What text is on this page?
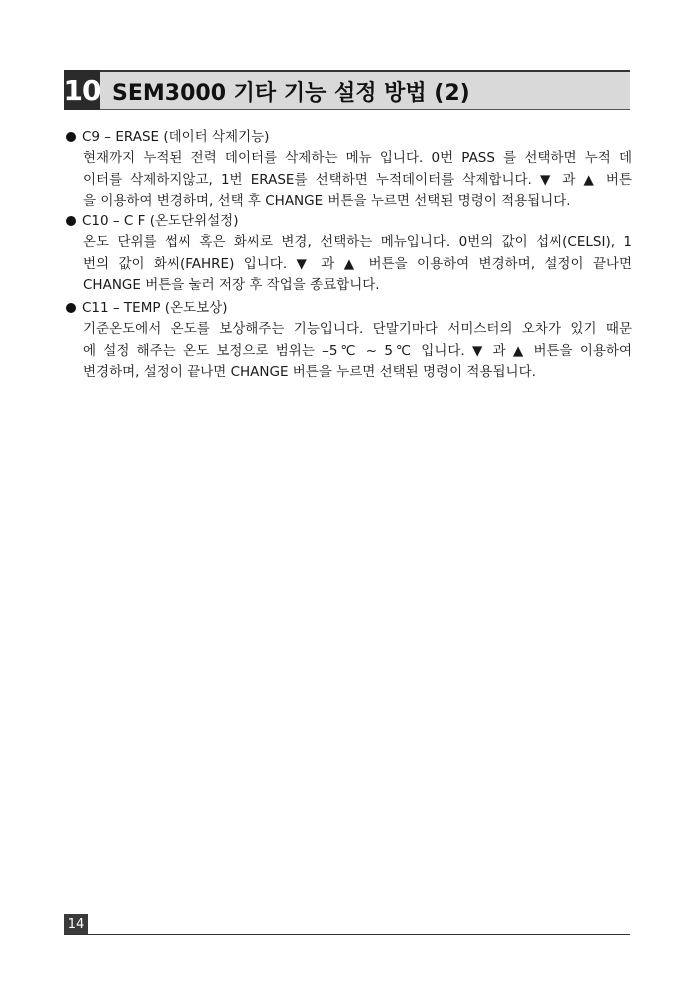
10 SEM3000 기타 기능 설정 방법 (2)
C9 – ERASE (데이터 삭제기능)
현재까지 누적된 전력 데이터를 삭제하는 메뉴 입니다. 0번 PASS 를 선택하면 누적 데
이터를 삭제하지않고, 1번 ERASE를 선택하면 누적데이터를 삭제합니다. ▼ 과 ▲ 버튼
을 이용하여 변경하며, 선택 후 CHANGE 버튼을 누르면 선택된 명령이 적용됩니다.
C10 – C F (온도단위설정)
온도 단위를 썹씨 혹은 화씨로 변경, 선택하는 메뉴입니다. 0번의 값이 섭씨(CELSI), 1
번의 값이 화씨(FAHRE) 입니다. ▼ 과 ▲ 버튼을 이용하여 변경하며, 설정이 끝나면
CHANGE 버튼을 눌러 저장 후 작업을 종료합니다.
C11 – TEMP (온도보상)
기준온도에서 온도를 보상해주는 기능입니다. 단말기마다 서미스터의 오차가 있기 때문
에 설정 해주는 온도 보정으로 범위는 –5℃ ~ 5℃ 입니다. ▼ 과 ▲ 버튼을 이용하여
변경하며, 설정이 끝나면 CHANGE 버튼을 누르면 선택된 명령이 적용됩니다.
14
